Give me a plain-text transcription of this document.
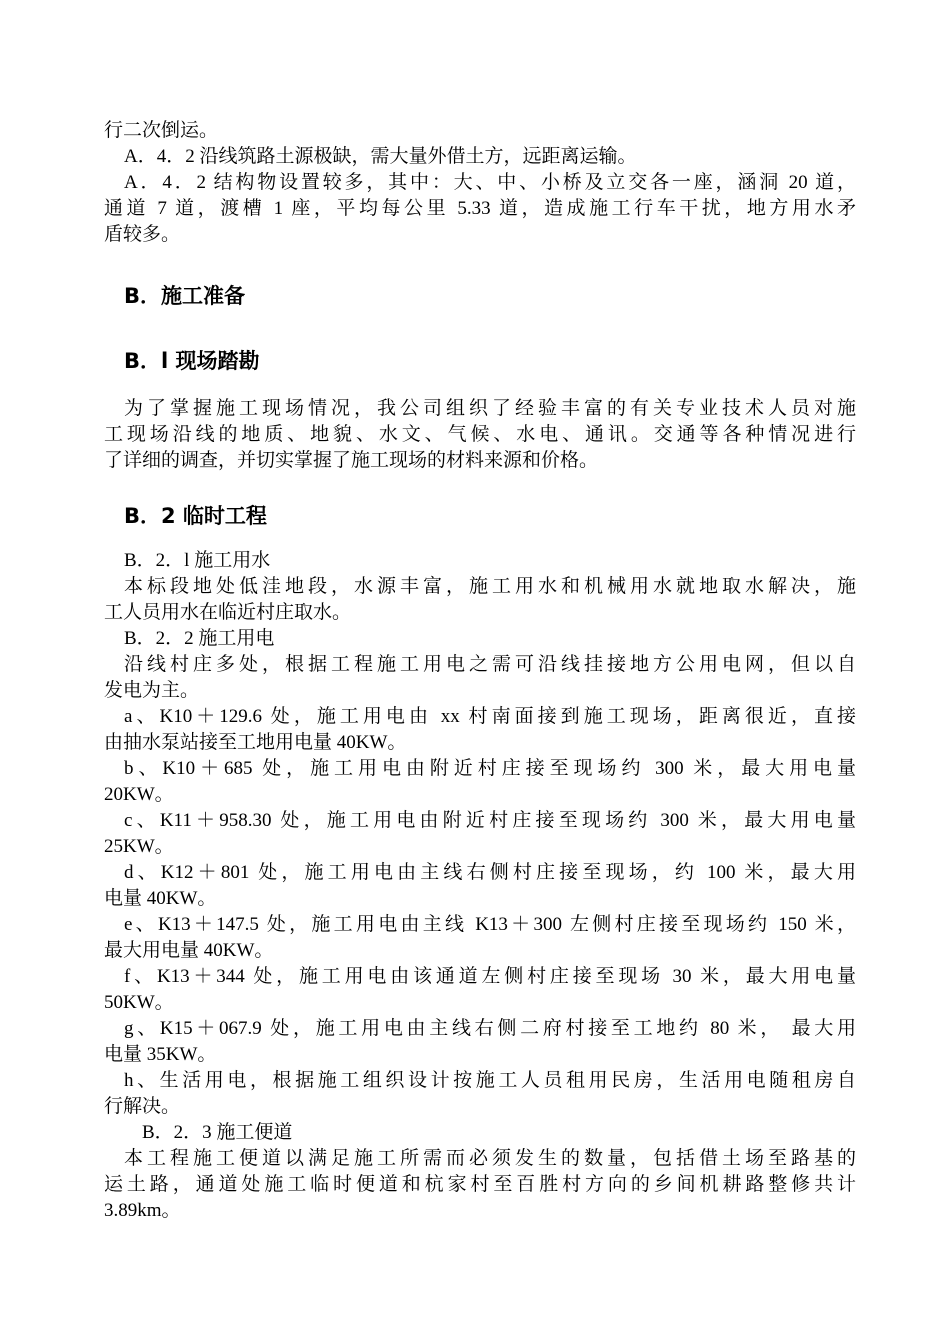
行二次倒运。
A．4．2 沿线筑路土源极缺，需大量外借土方，远距离运输。
A．4．2 结构物设置较多，其中：大、中、小桥及立交各一座，涵洞 20 道，
通道 7 道，渡槽 1 座，平均每公里 5.33 道，造成施工行车干扰，地方用水矛
盾较多。
B．施工准备
B．l 现场踏勘
为了掌握施工现场情况，我公司组织了经验丰富的有关专业技术人员对施
工现场沿线的地质、地貌、水文、气候、水电、通讯。交通等各种情况进行
了详细的调查，并切实掌握了施工现场的材料来源和价格。
B．2 临时工程
B．2．l 施工用水
本标段地处低洼地段，水源丰富，施工用水和机械用水就地取水解决，施
工人员用水在临近村庄取水。
B．2．2 施工用电
沿线村庄多处，根据工程施工用电之需可沿线挂接地方公用电网，但以自
发电为主。
a、K10＋129.6 处，施工用电由 xx 村南面接到施工现场，距离很近，直接
由抽水泵站接至工地用电量 40KW。
b、K10＋685 处，施工用电由附近村庄接至现场约 300 米，最大用电量
20KW。
c、K11＋958.30 处，施工用电由附近村庄接至现场约 300 米，最大用电量
25KW。
d、K12＋801 处，施工用电由主线右侧村庄接至现场，约 100 米，最大用
电量 40KW。
e、K13＋147.5 处，施工用电由主线 K13＋300 左侧村庄接至现场约 150 米，
最大用电量 40KW。
f、K13＋344 处，施工用电由该通道左侧村庄接至现场 30 米，最大用电量
50KW。
g、K15＋067.9 处，施工用电由主线右侧二府村接至工地约 80 米， 最大用
电量 35KW。
h、生活用电，根据施工组织设计按施工人员租用民房，生活用电随租房自
行解决。
B．2．3 施工便道
本工程施工便道以满足施工所需而必须发生的数量，包括借土场至路基的
运土路，通道处施工临时便道和杭家村至百胜村方向的乡间机耕路整修共计
3.89km。
